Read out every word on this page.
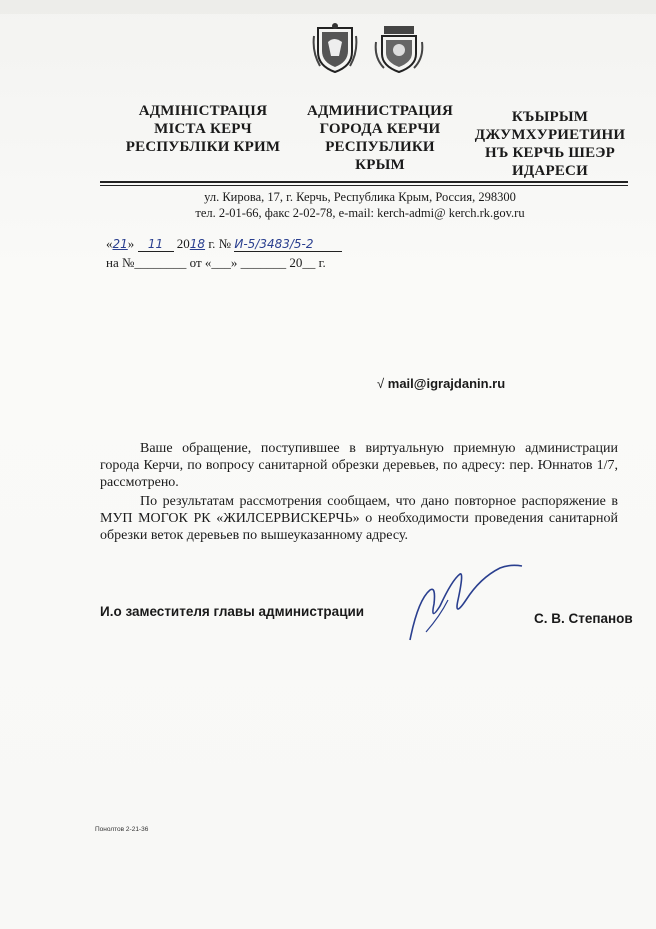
АДМІНІСТРАЦІЯ
МІСТА КЕРЧ
РЕСПУБЛІКИ КРИМ
АДМИНИСТРАЦИЯ
ГОРОДА КЕРЧИ
РЕСПУБЛИКИ
КРЫМ
КЪЫРЫМ
ДЖУМХУРИЕТИНИ
НЪ КЕРЧЬ ШЕЭР
ИДАРЕСИ
ул. Кирова, 17, г. Керчь, Республика Крым, Россия, 298300
тел. 2-01-66, факс 2-02-78, e-mail: kerch-admi@ kerch.rk.gov.ru
«21» 11 2018 г. № И-5/3483/5-2
на №________ от «___» _______ 20__ г.
√ mail@igrajdanin.ru
Ваше обращение, поступившее в виртуальную приемную администрации города Керчи, по вопросу санитарной обрезки деревьев, по адресу: пер. Юннатов 1/7, рассмотрено.
По результатам рассмотрения сообщаем, что дано повторное распоряжение в МУП МОГОК РК «ЖИЛСЕРВИСКЕРЧЬ» о необходимости проведения санитарной обрезки веток деревьев по вышеуказанному адресу.
И.о заместителя главы администрации	С. В. Степанов
Понолтов 2-21-36
